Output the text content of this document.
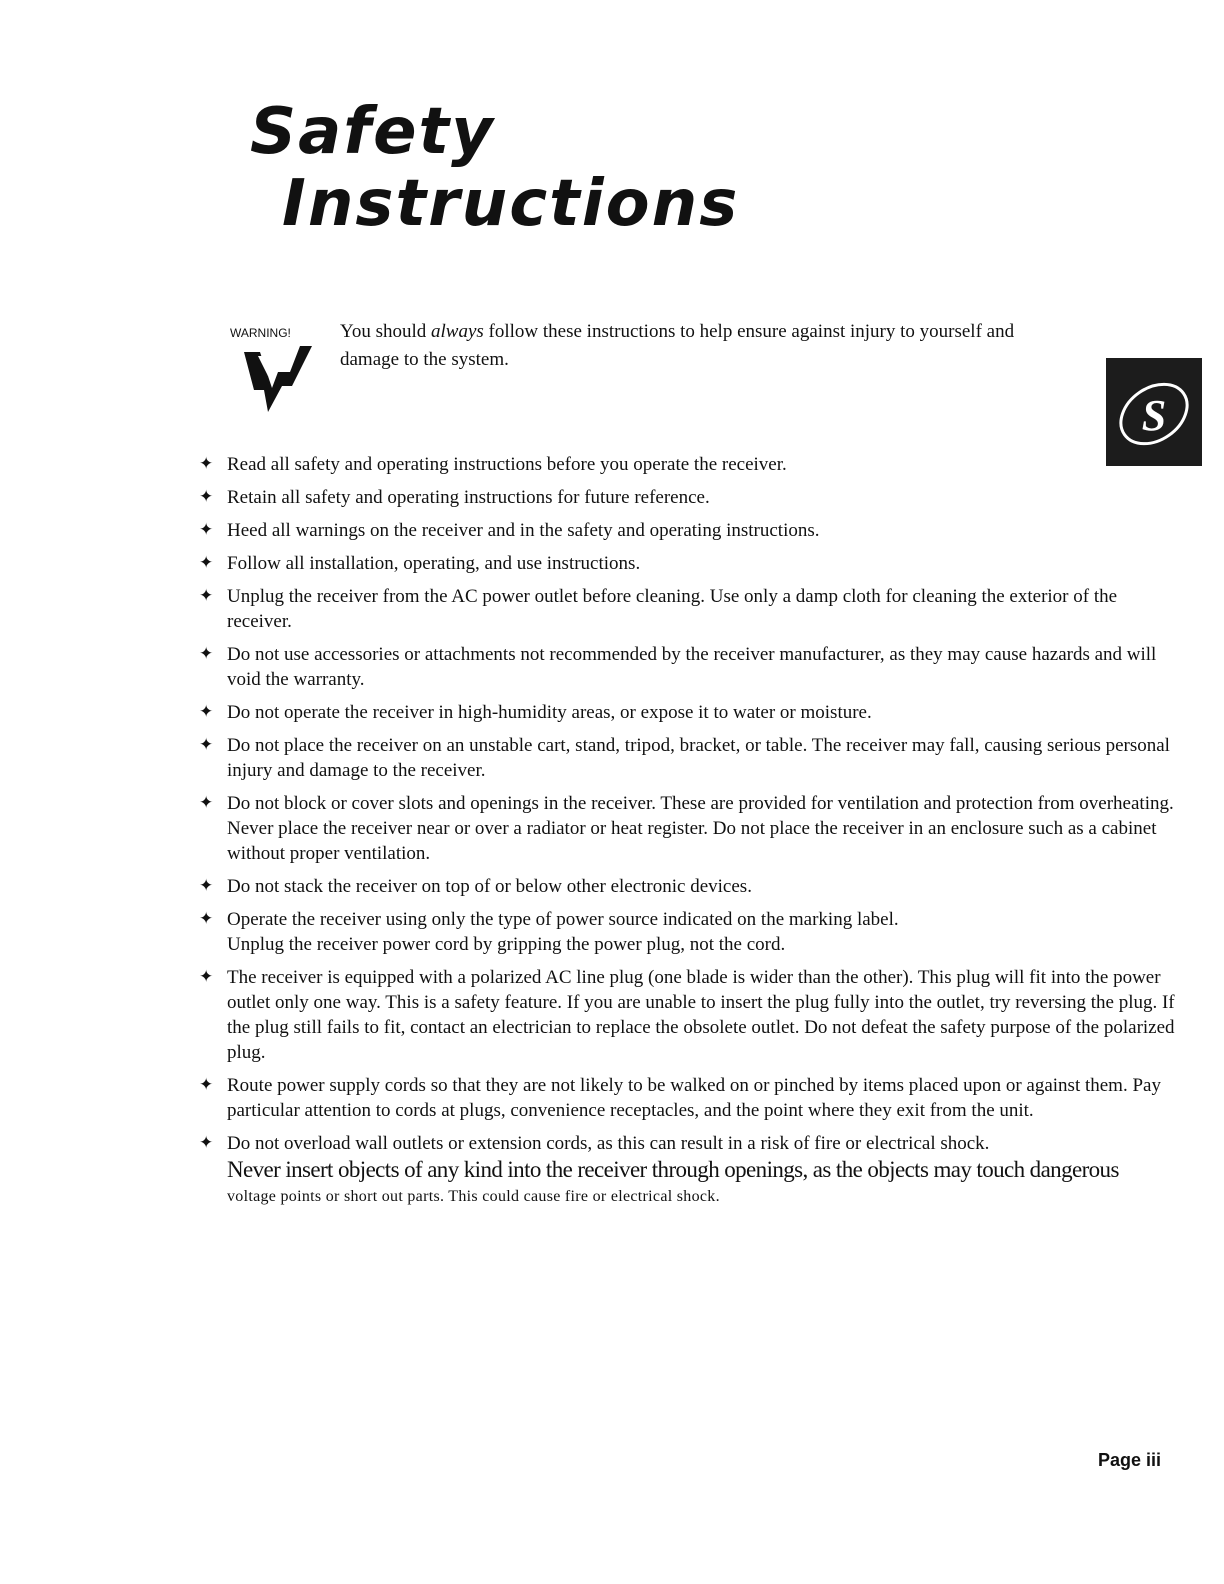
Safety
Instructions
WARNING!	You should always follow these instructions to help ensure against injury to yourself and damage to the system.
S
✦ Read all safety and operating instructions before you operate the receiver.
✦ Retain all safety and operating instructions for future reference.
✦ Heed all warnings on the receiver and in the safety and operating instructions.
✦ Follow all installation, operating, and use instructions.
✦ Unplug the receiver from the AC power outlet before cleaning. Use only a damp cloth for cleaning the exterior of the receiver.
✦ Do not use accessories or attachments not recommended by the receiver manufacturer, as they may cause hazards and will void the warranty.
✦ Do not operate the receiver in high-humidity areas, or expose it to water or moisture.
✦ Do not place the receiver on an unstable cart, stand, tripod, bracket, or table. The receiver may fall, causing serious personal injury and damage to the receiver.
✦ Do not block or cover slots and openings in the receiver. These are provided for ventilation and protection from overheating. Never place the receiver near or over a radiator or heat register. Do not place the receiver in an enclosure such as a cabinet without proper ventilation.
✦ Do not stack the receiver on top of or below other electronic devices.
✦ Operate the receiver using only the type of power source indicated on the marking label.
Unplug the receiver power cord by gripping the power plug, not the cord.
✦ The receiver is equipped with a polarized AC line plug (one blade is wider than the other). This plug will fit into the power outlet only one way. This is a safety feature. If you are unable to insert the plug fully into the outlet, try reversing the plug. If the plug still fails to fit, contact an electrician to replace the obsolete outlet. Do not defeat the safety purpose of the polarized plug.
✦ Route power supply cords so that they are not likely to be walked on or pinched by items placed upon or against them. Pay particular attention to cords at plugs, convenience receptacles, and the point where they exit from the unit.
✦ Do not overload wall outlets or extension cords, as this can result in a risk of fire or electrical shock.
Never insert objects of any kind into the receiver through openings, as the objects may touch dangerous
voltage points or short out parts. This could cause fire or electrical shock.
Page iii
